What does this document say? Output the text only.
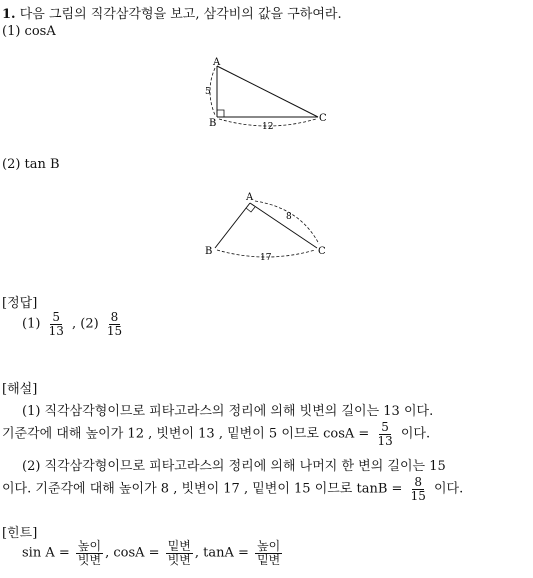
1. 다음 그림의 직각삼각형을 보고, 삼각비의 값을 구하여라.
(1) cosA
A
B	C
5
12
(2) tan B
A
B	C
8
17
[정답]
$(1) \frac{5}{13}$ , $(2) \frac{8}{15}$
[해설]
(1) 직각삼각형이므로 피타고라스의 정리에 의해 빗변의 길이는 13 이다.
기준각에 대해 높이가 12 , 빗변이 13 , 밑변이 5 이므로 $\cos A = \frac{5}{13}$ 이다.
(2) 직각삼각형이므로 피타고라스의 정리에 의해 나머지 한 변의 길이는 15
이다. 기준각에 대해 높이가 8 , 빗변이 17 , 밑변이 15 이므로 $\tan B = \frac{8}{15}$ 이다.
[힌트]
$\sin A = \frac{\text{높이}}{\text{빗변}}$ , $\cos A = \frac{\text{밑변}}{\text{빗변}}$ , $\tan A = \frac{\text{높이}}{\text{밑변}}$
